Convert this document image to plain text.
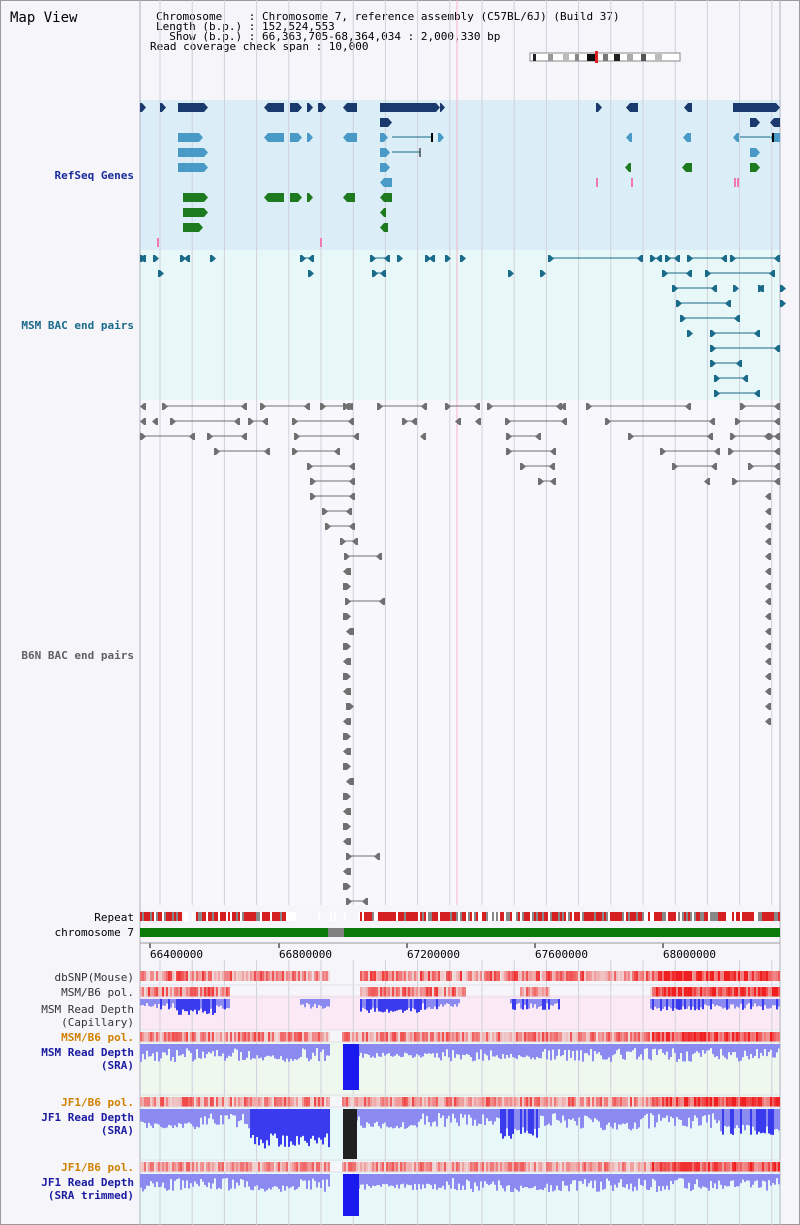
Map View	Chromosome    : Chromosome 7, reference assembly (C57BL/6J) (Build 37)
Length (b.p.) : 152,524,553
Show (b.p.) : 66,363,705-68,364,034 : 2,000,330 bp
Read coverage check span : 10,000
RefSeq Genes
MSM BAC end pairs
B6N BAC end pairs
Repeat
chromosome 7
dbSNP(Mouse)
MSM/B6 pol.
MSM Read Depth
(Capillary)
MSM/B6 pol.
MSM Read Depth
(SRA)
JF1/B6 pol.
JF1 Read Depth
(SRA)
JF1/B6 pol.
JF1 Read Depth
(SRA trimmed)
66400000	66800000	67200000	67600000	68000000
